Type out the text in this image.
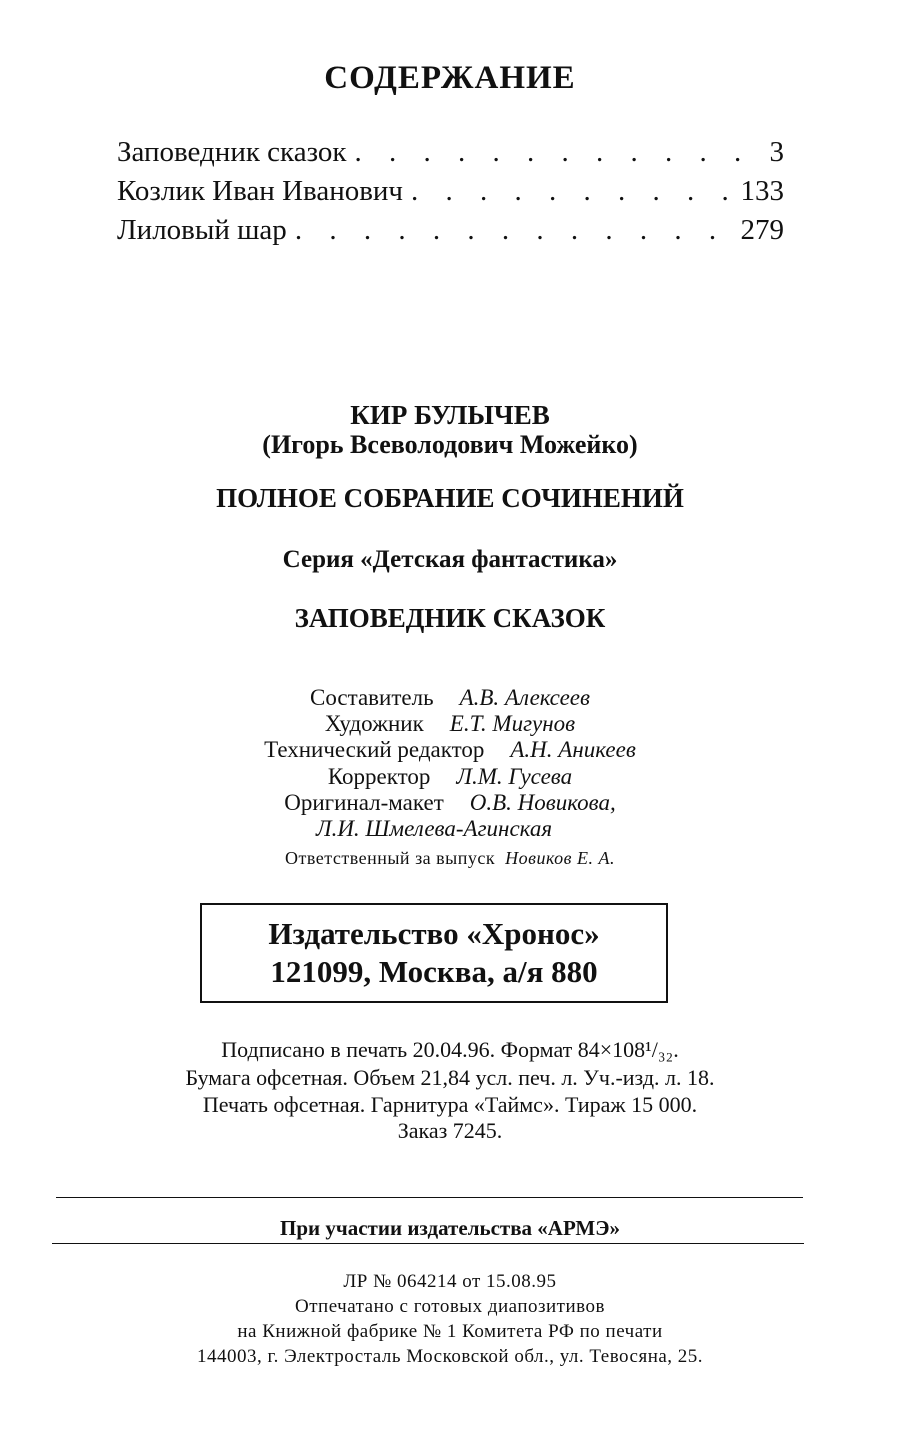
СОДЕРЖАНИЕ
Заповедник сказок . . .	3
Козлик Иван Иванович . . .	133
Лиловый шар . . .	279
КИР БУЛЫЧЕВ
(Игорь Всеволодович Можейко)
ПОЛНОЕ СОБРАНИЕ СОЧИНЕНИЙ
Серия «Детская фантастика»
ЗАПОВЕДНИК СКАЗОК
Составитель А.В. Алексеев
Художник Е.Т. Мигунов
Технический редактор А.Н. Аникеев
Корректор Л.М. Гусева
Оригинал-макет О.В. Новикова,
Л.И. Шмелева-Агинская
Ответственный за выпуск Новиков Е. А.
Издательство «Хронос»
121099, Москва, а/я 880
Подписано в печать 20.04.96. Формат 84×108¹/₃₂.
Бумага офсетная. Объем 21,84 усл. печ. л. Уч.-изд. л. 18.
Печать офсетная. Гарнитура «Таймс». Тираж 15 000.
Заказ 7245.
При участии издательства «АРМЭ»
ЛР № 064214 от 15.08.95
Отпечатано с готовых диапозитивов
на Книжной фабрике № 1 Комитета РФ по печати
144003, г. Электросталь Московской обл., ул. Тевосяна, 25.
